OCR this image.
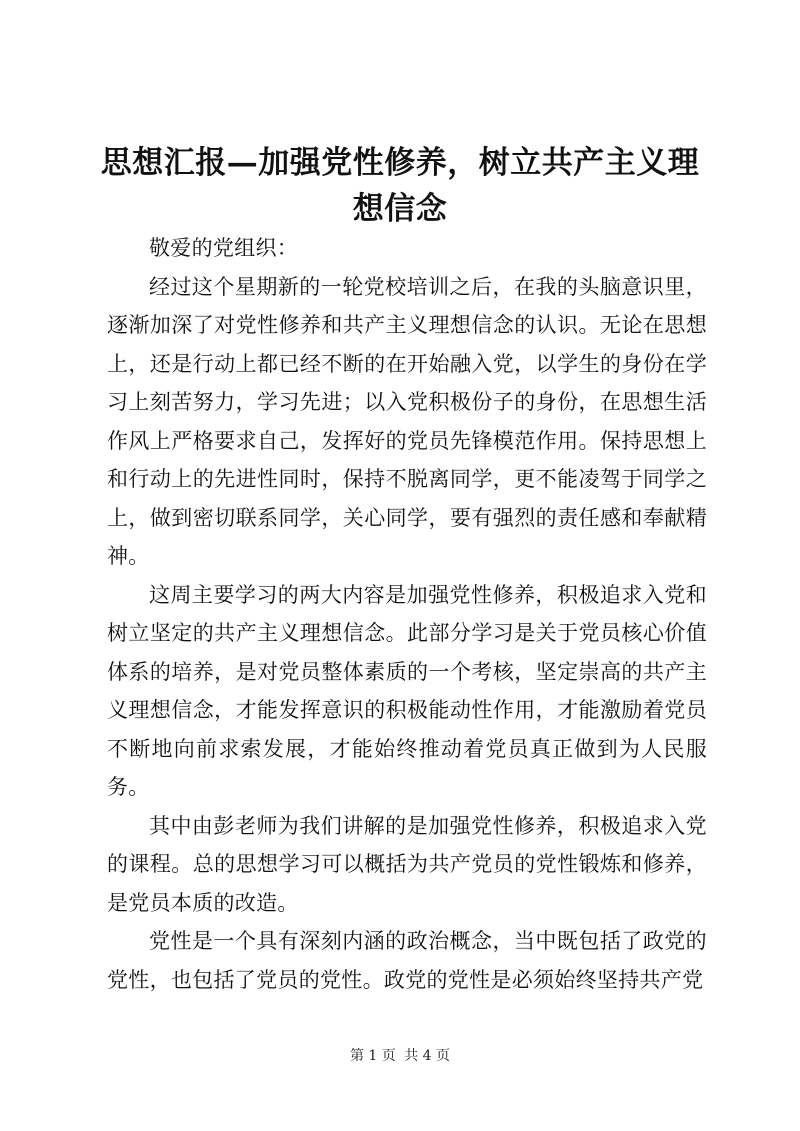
思想汇报—加强党性修养，树立共产主义理想信念

敬爱的党组织：

经过这个星期新的一轮党校培训之后，在我的头脑意识里，逐渐加深了对党性修养和共产主义理想信念的认识。无论在思想上，还是行动上都已经不断的在开始融入党，以学生的身份在学习上刻苦努力，学习先进；以入党积极份子的身份，在思想生活作风上严格要求自己，发挥好的党员先锋模范作用。保持思想上和行动上的先进性同时，保持不脱离同学，更不能凌驾于同学之上，做到密切联系同学，关心同学，要有强烈的责任感和奉献精神。

这周主要学习的两大内容是加强党性修养，积极追求入党和树立坚定的共产主义理想信念。此部分学习是关于党员核心价值体系的培养，是对党员整体素质的一个考核，坚定崇高的共产主义理想信念，才能发挥意识的积极能动性作用，才能激励着党员不断地向前求索发展，才能始终推动着党员真正做到为人民服务。

其中由彭老师为我们讲解的是加强党性修养，积极追求入党的课程。总的思想学习可以概括为共产党员的党性锻炼和修养，是党员本质的改造。

党性是一个具有深刻内涵的政治概念，当中既包括了政党的党性，也包括了党员的党性。政党的党性是必须始终坚持共产党

第 1 页 共 4 页
